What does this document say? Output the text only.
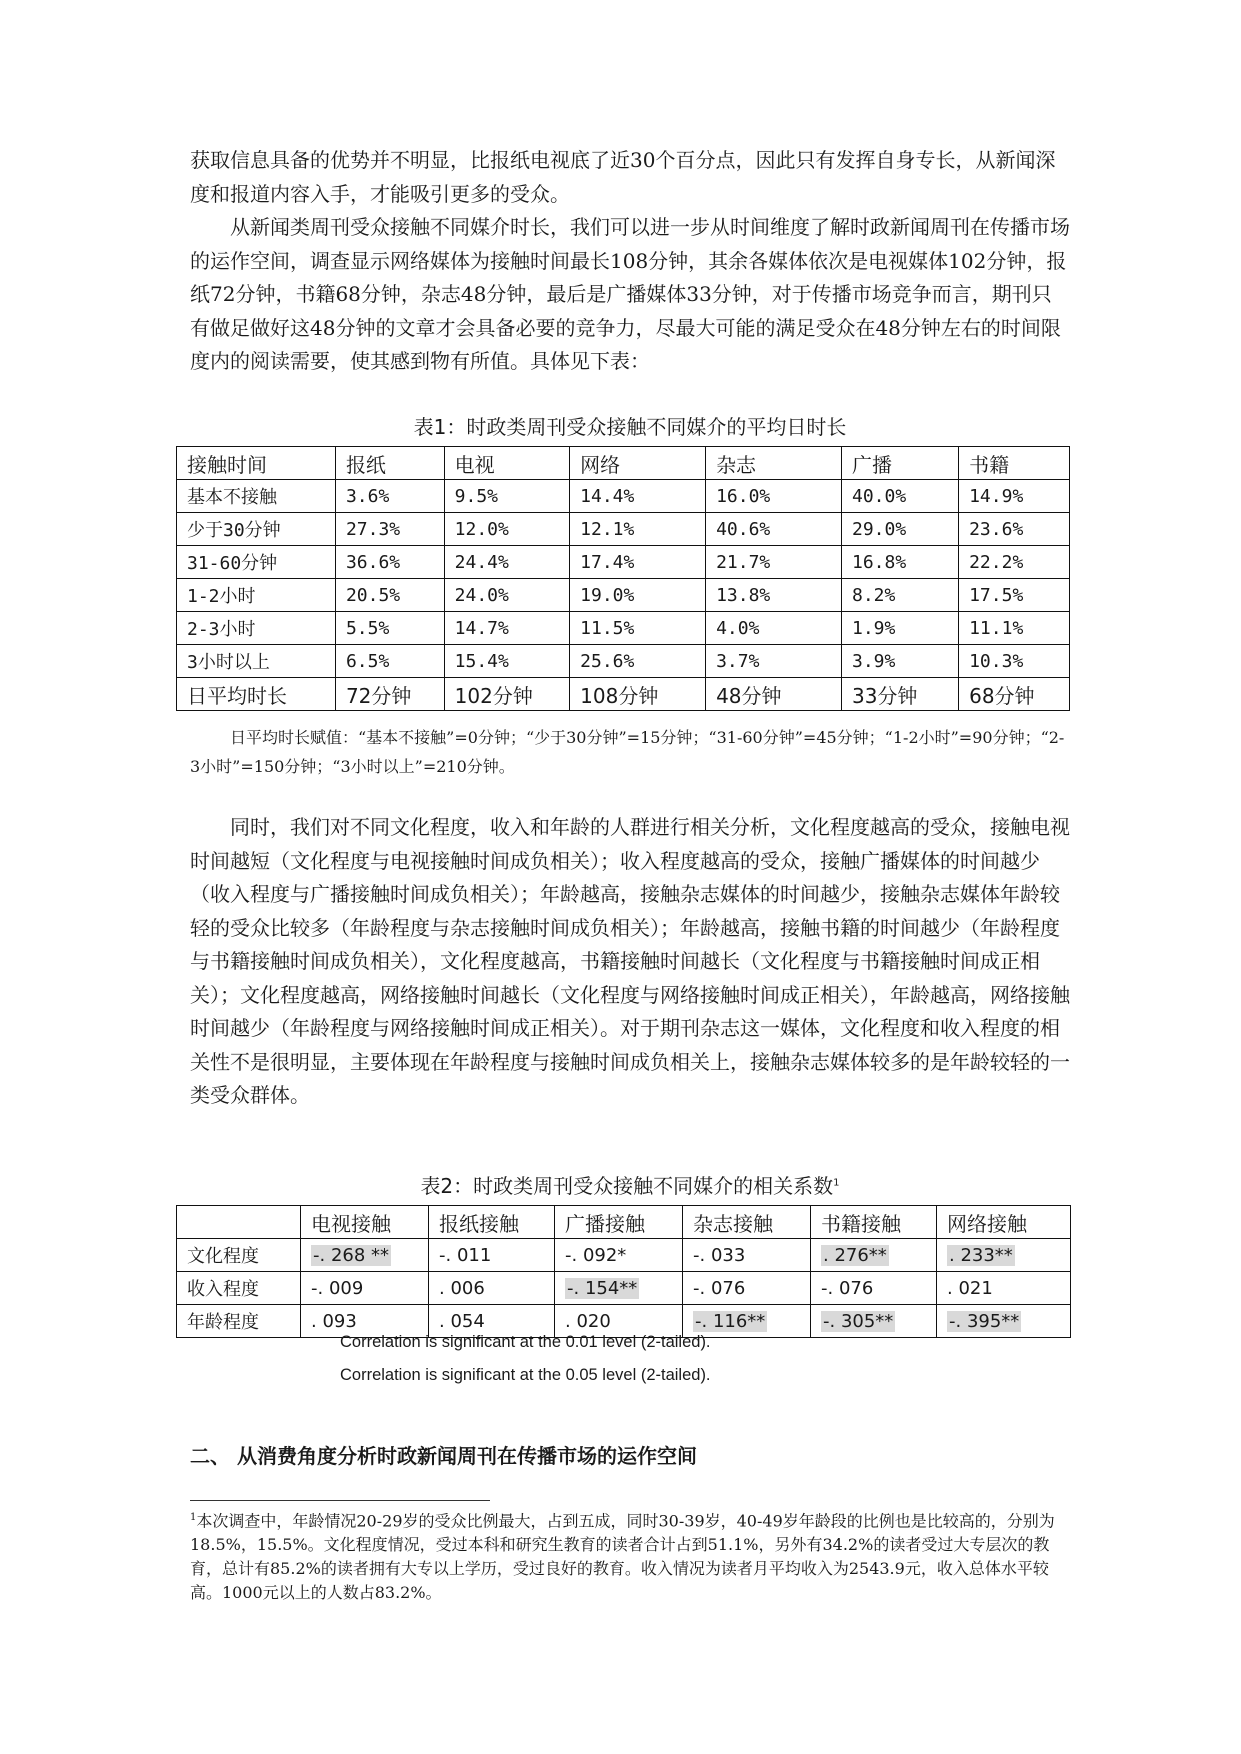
获取信息具备的优势并不明显，比报纸电视底了近30个百分点，因此只有发挥自身专长，从新闻深度和报道内容入手，才能吸引更多的受众。

从新闻类周刊受众接触不同媒介时长，我们可以进一步从时间维度了解时政新闻周刊在传播市场的运作空间，调查显示网络媒体为接触时间最长108分钟，其余各媒体依次是电视媒体102分钟，报纸72分钟，书籍68分钟，杂志48分钟，最后是广播媒体33分钟，对于传播市场竞争而言，期刊只有做足做好这48分钟的文章才会具备必要的竞争力，尽最大可能的满足受众在48分钟左右的时间限度内的阅读需要，使其感到物有所值。具体见下表：

表1：时政类周刊受众接触不同媒介的平均日时长
接触时间	报纸	电视	网络	杂志	广播	书籍
基本不接触	3.6%	9.5%	14.4%	16.0%	40.0%	14.9%
少于30分钟	27.3%	12.0%	12.1%	40.6%	29.0%	23.6%
31-60分钟	36.6%	24.4%	17.4%	21.7%	16.8%	22.2%
1-2小时	20.5%	24.0%	19.0%	13.8%	8.2%	17.5%
2-3小时	5.5%	14.7%	11.5%	4.0%	1.9%	11.1%
3小时以上	6.5%	15.4%	25.6%	3.7%	3.9%	10.3%
日平均时长	72分钟	102分钟	108分钟	48分钟	33分钟	68分钟

日平均时长赋值：“基本不接触”=0分钟；“少于30分钟”=15分钟；“31-60分钟”=45分钟；“1-2小时”=90分钟；“2-3小时”=150分钟；“3小时以上”=210分钟。

同时，我们对不同文化程度，收入和年龄的人群进行相关分析，文化程度越高的受众，接触电视时间越短（文化程度与电视接触时间成负相关）；收入程度越高的受众，接触广播媒体的时间越少（收入程度与广播接触时间成负相关）；年龄越高，接触杂志媒体的时间越少，接触杂志媒体年龄较轻的受众比较多（年龄程度与杂志接触时间成负相关）；年龄越高，接触书籍的时间越少（年龄程度与书籍接触时间成负相关），文化程度越高，书籍接触时间越长（文化程度与书籍接触时间成正相关）；文化程度越高，网络接触时间越长（文化程度与网络接触时间成正相关），年龄越高，网络接触时间越少（年龄程度与网络接触时间成正相关）。对于期刊杂志这一媒体，文化程度和收入程度的相关性不是很明显，主要体现在年龄程度与接触时间成负相关上，接触杂志媒体较多的是年龄较轻的一类受众群体。

表2：时政类周刊受众接触不同媒介的相关系数$^1$
	电视接触	报纸接触	广播接触	杂志接触	书籍接触	网络接触
文化程度	-. 268 **	-. 011	-. 092*	-. 033	. 276**	. 233**
收入程度	-. 009	. 006	-. 154**	-. 076	-. 076	. 021
年龄程度	. 093	. 054	. 020	-. 116**	-. 305**	-. 395**
Correlation is significant at the 0.01 level (2-tailed).
Correlation is significant at the 0.05 level (2-tailed).
二、 从消费角度分析时政新闻周刊在传播市场的运作空间

$^1$本次调查中，年龄情况20-29岁的受众比例最大，占到五成，同时30-39岁，40-49岁年龄段的比例也是比较高的，分别为18.5%，15.5%。文化程度情况，受过本科和研究生教育的读者合计占到51.1%，另外有34.2%的读者受过大专层次的教育，总计有85.2%的读者拥有大专以上学历，受过良好的教育。收入情况为读者月平均收入为2543.9元，收入总体水平较高。1000元以上的人数占83.2%。
